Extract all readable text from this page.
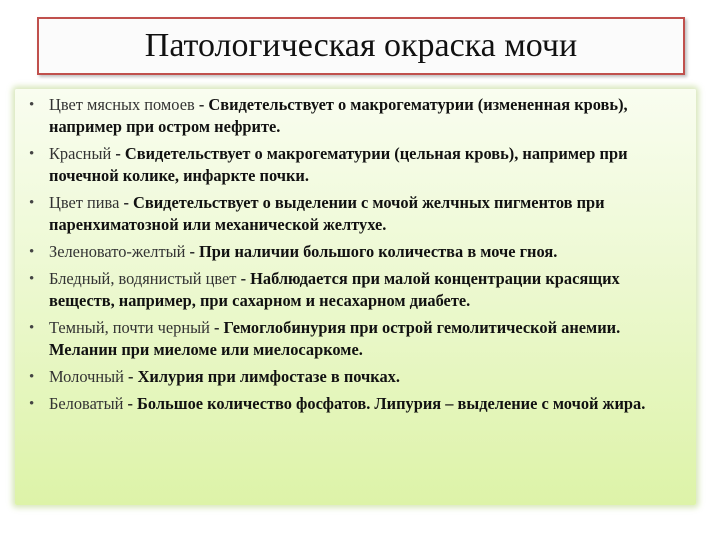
Патологическая окраска мочи
• Цвет мясных помоев - Свидетельствует о макрогематурии (измененная кровь), например при остром нефрите.
• Красный - Свидетельствует о макрогематурии (цельная кровь), например при почечной колике, инфаркте почки.
• Цвет пива - Свидетельствует о выделении с мочой желчных пигментов при паренхиматозной или механической желтухе.
• Зеленовато-желтый - При наличии большого количества в моче гноя.
• Бледный, водянистый цвет - Наблюдается при малой концентрации красящих веществ, например, при сахарном и несахарном диабете.
• Темный, почти черный - Гемоглобинурия при острой гемолитической анемии. Меланин при миеломе или миелосаркоме.
• Молочный - Хилурия при лимфостазе в почках.
• Беловатый - Большое количество фосфатов. Липурия – выделение с мочой жира.
